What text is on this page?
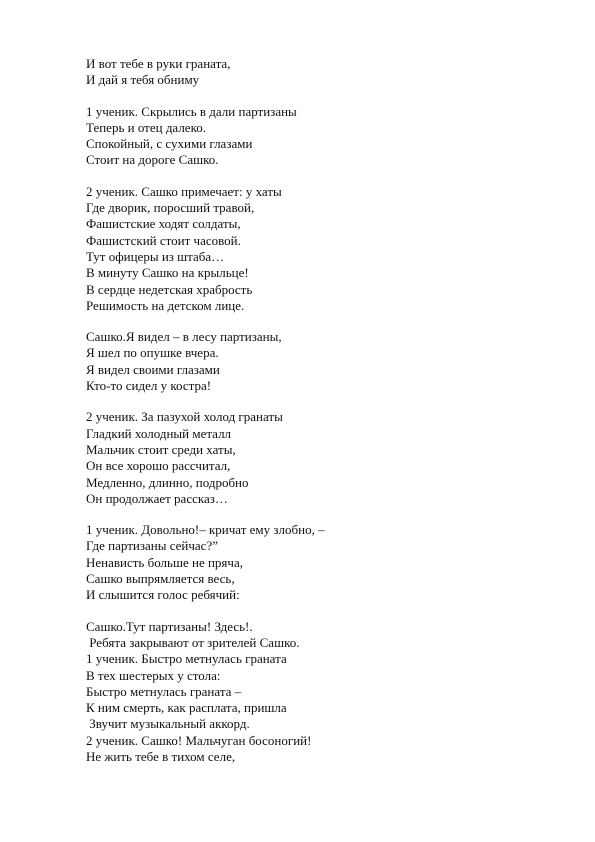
И вот тебе в руки граната,
И дай я тебя обниму
1 ученик. Скрылись в дали партизаны
Теперь и отец далеко.
Спокойный, с сухими глазами
Стоит на дороге Сашко.
2 ученик. Сашко примечает: у хаты
Где дворик, поросший травой,
Фашистские ходят солдаты,
Фашистский стоит часовой.
Тут офицеры из штаба…
В минуту Сашко на крыльце!
В сердце недетская храбрость
Решимость на детском лице.
Сашко.Я видел – в лесу партизаны,
Я шел по опушке вчера.
Я видел своими глазами
Кто-то сидел у костра!
2 ученик. За пазухой холод гранаты
Гладкий холодный металл
Мальчик стоит среди хаты,
Он все хорошо рассчитал,
Медленно, длинно, подробно
Он продолжает рассказ…
1 ученик. Довольно!– кричат ему злобно, –
Где партизаны сейчас?”
Ненависть больше не пряча,
Сашко выпрямляется весь,
И слышится голос ребячий:
Сашко.Тут партизаны! Здесь!.
Ребята закрывают от зрителей Сашко.
1 ученик. Быстро метнулась граната
В тех шестерых у стола:
Быстро метнулась граната –
К ним смерть, как расплата, пришла
Звучит музыкальный аккорд.
2 ученик. Сашко! Мальчуган босоногий!
Не жить тебе в тихом селе,
